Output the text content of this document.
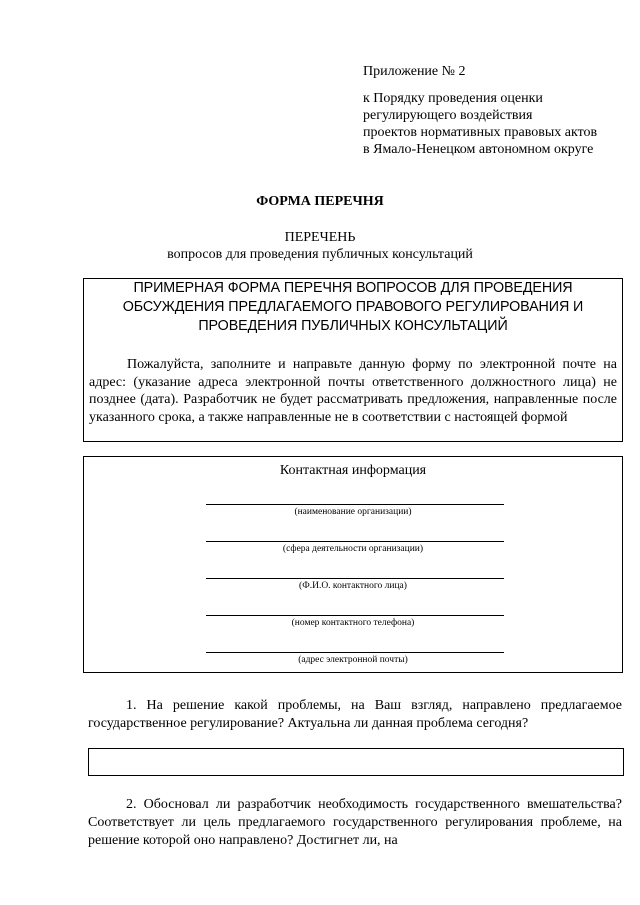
Приложение № 2
к Порядку проведения оценки
регулирующего воздействия
проектов нормативных правовых актов
в Ямало-Ненецком автономном округе
ФОРМА ПЕРЕЧНЯ
ПЕРЕЧЕНЬ
вопросов для проведения публичных консультаций
ПРИМЕРНАЯ ФОРМА ПЕРЕЧНЯ ВОПРОСОВ ДЛЯ ПРОВЕДЕНИЯ
ОБСУЖДЕНИЯ ПРЕДЛАГАЕМОГО ПРАВОВОГО РЕГУЛИРОВАНИЯ И
ПРОВЕДЕНИЯ ПУБЛИЧНЫХ КОНСУЛЬТАЦИЙ
Пожалуйста, заполните и направьте данную форму по электронной почте на адрес: (указание адреса электронной почты ответственного должностного лица) не позднее (дата). Разработчик не будет рассматривать предложения, направленные после указанного срока, а также направленные не в соответствии с настоящей формой
Контактная информация
(наименование организации)
(сфера деятельности организации)
(Ф.И.О. контактного лица)
(номер контактного телефона)
(адрес электронной почты)
1. На решение какой проблемы, на Ваш взгляд, направлено предлагаемое государственное регулирование? Актуальна ли данная проблема сегодня?
2. Обосновал ли разработчик необходимость государственного вмешательства? Соответствует ли цель предлагаемого государственного регулирования проблеме, на решение которой оно направлено? Достигнет ли, на
